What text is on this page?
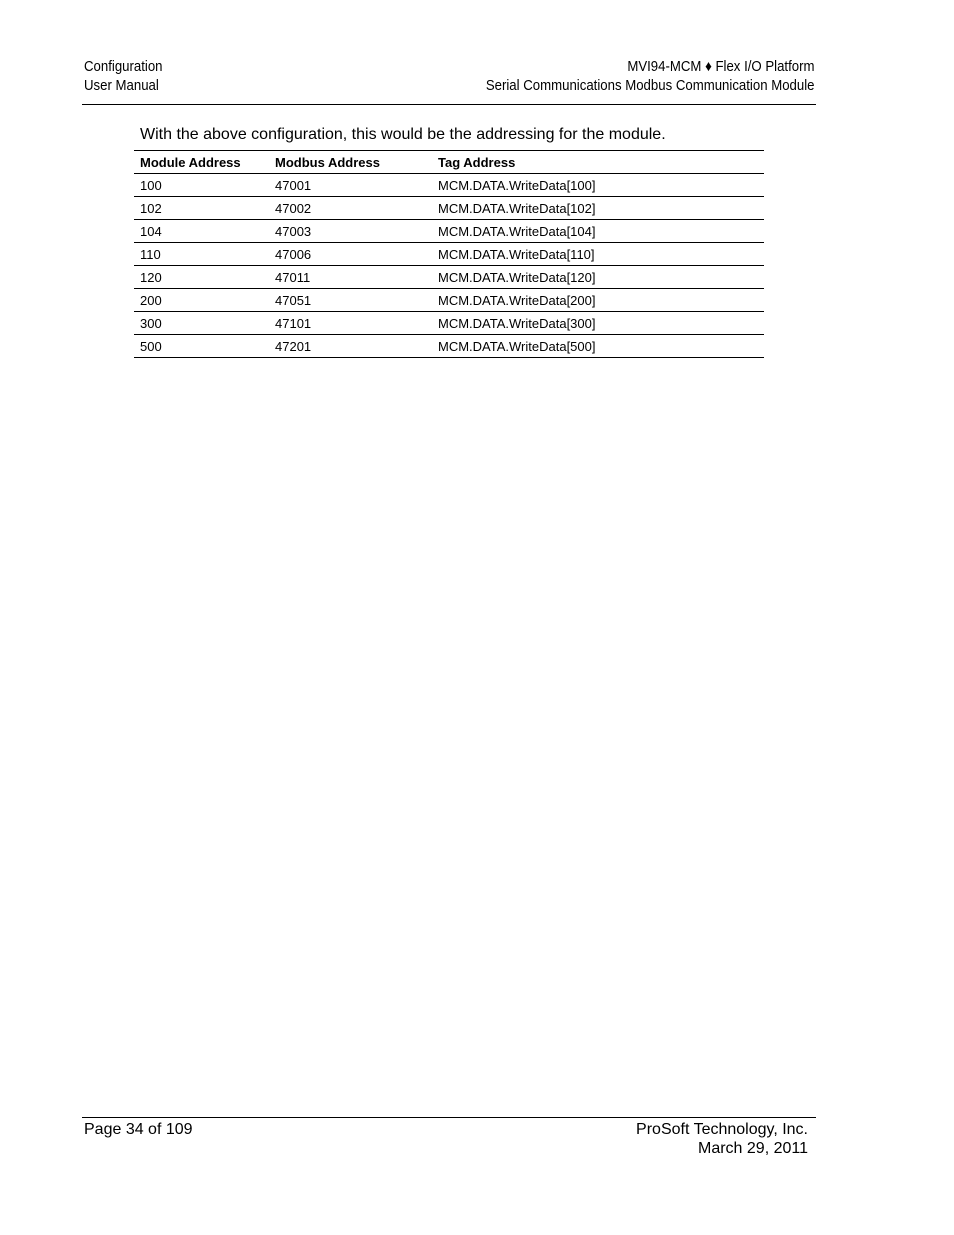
Configuration
User Manual
MVI94-MCM ♦ Flex I/O Platform
Serial Communications Modbus Communication Module
With the above configuration, this would be the addressing for the module.
Module Address	Modbus Address	Tag Address
100	47001	MCM.DATA.WriteData[100]
102	47002	MCM.DATA.WriteData[102]
104	47003	MCM.DATA.WriteData[104]
110	47006	MCM.DATA.WriteData[110]
120	47011	MCM.DATA.WriteData[120]
200	47051	MCM.DATA.WriteData[200]
300	47101	MCM.DATA.WriteData[300]
500	47201	MCM.DATA.WriteData[500]
Page 34 of 109	ProSoft Technology, Inc.
March 29, 2011
